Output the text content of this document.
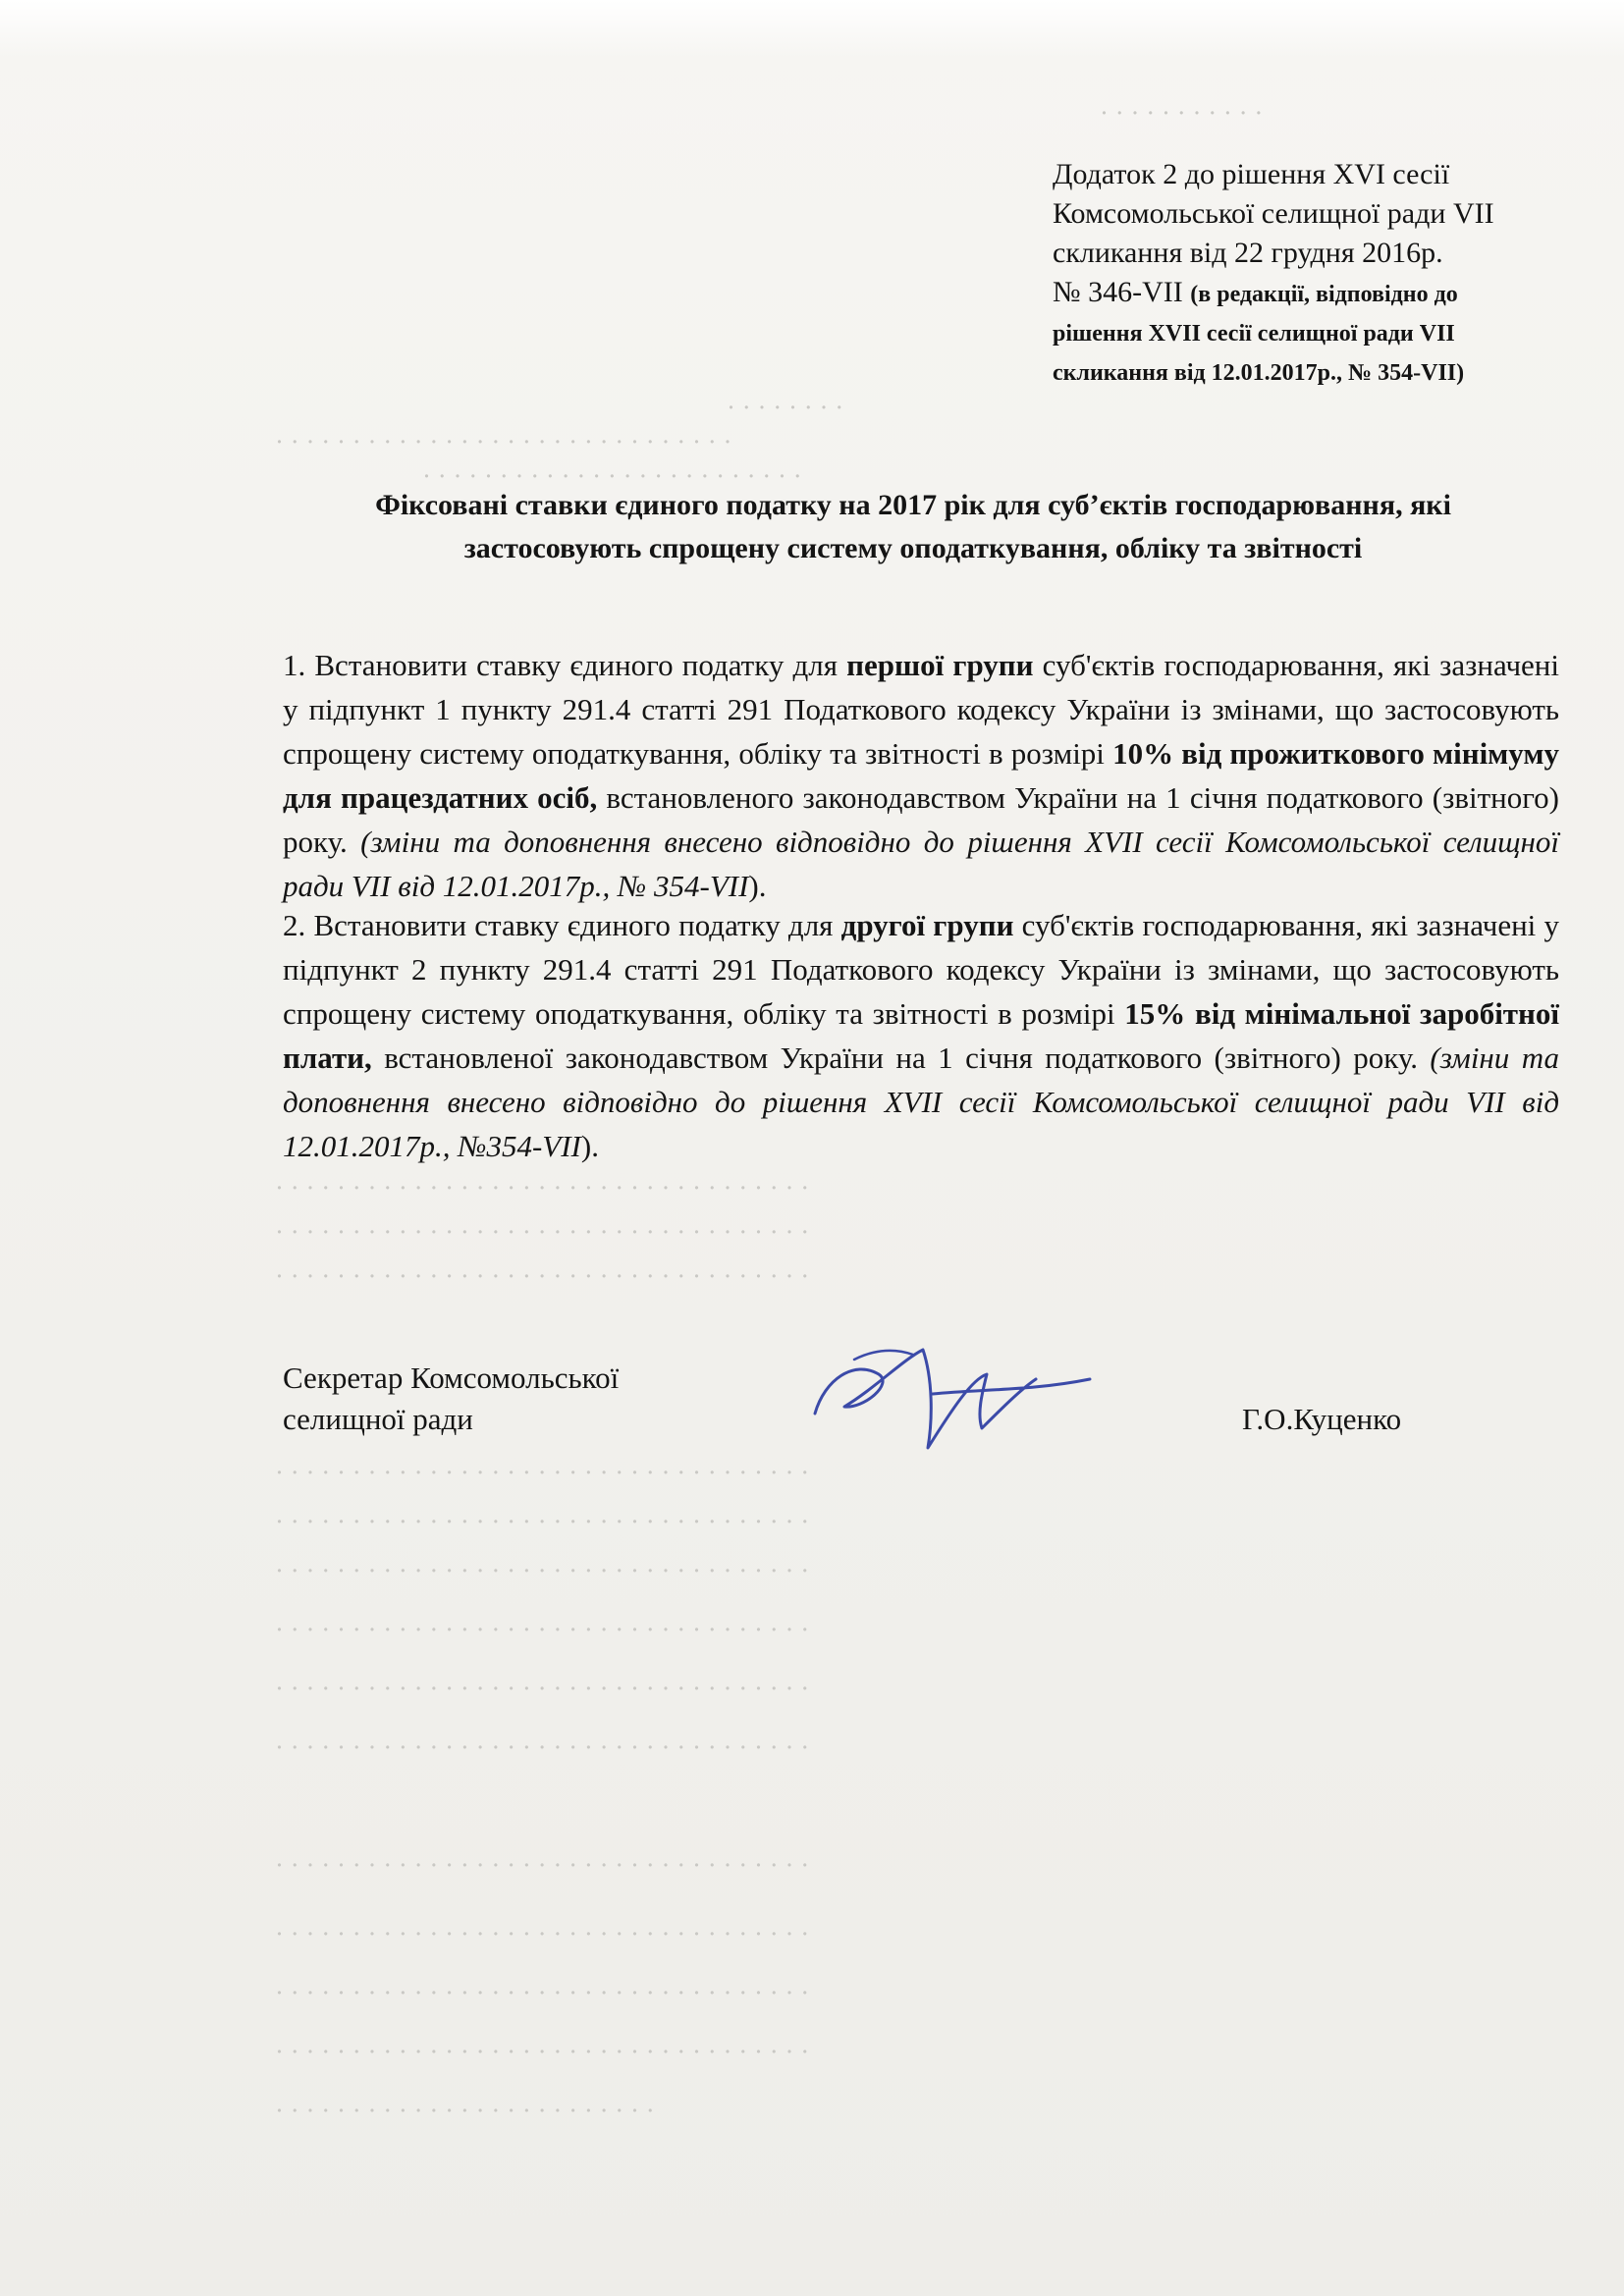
· · · · · · · · · · ·
· · · · · · · ·
· · · · · · · · · · · · · · · · · · · · · · · · · · · · · ·
· · · · · · · · · · · · · · · · · · · · · · · · ·
· · · · · · · · · · · · · · · · · · · · · · · · · · · · · · · · · · ·
· · · · · · · · · · · · · · · · · · · · · · · · · · · · · · · · · · ·
· · · · · · · · · · · · · · · · · · · · · · · · · · · · · · · · · · ·
· · · · · · · · · · · · · · · · · · · · · · · · · · · · · · · · · · ·
· · · · · · · · · · · · · · · · · · · · · · · · · · · · · · · · · · ·
· · · · · · · · · · · · · · · · · · · · · · · · · · · · · · · · · · ·
· · · · · · · · · · · · · · · · · · · · · · · · · · · · · · · · · · ·
· · · · · · · · · · · · · · · · · · · · · · · · · · · · · · · · · · ·
· · · · · · · · · · · · · · · · · · · · · · · · · · · · · · · · · · ·
· · · · · · · · · · · · · · · · · · · · · · · · · · · · · · · · · · ·
· · · · · · · · · · · · · · · · · · · · · · · · · · · · · · · · · · ·
· · · · · · · · · · · · · · · · · · · · · · · · · · · · · · · · · · ·
· · · · · · · · · · · · · · · · · · · · · · · · · · · · · · · · · · ·
· · · · · · · · · · · · · · · · · · · · · · · · ·
Додаток 2 до рішення XVI сесії
Комсомольської селищної ради VII
скликання від 22 грудня 2016р.
№ 346-VII (в редакції, відповідно до
рішення XVII сесії селищної ради VII
скликання від 12.01.2017р., № 354-VII)
Фіксовані ставки єдиного податку на 2017 рік для суб’єктів господарювання, які
застосовують спрощену систему оподаткування, обліку та звітності
1. Встановити ставку єдиного податку для першої групи суб'єктів господарювання, які зазначені у підпункт 1 пункту 291.4 статті 291 Податкового кодексу України із змінами, що застосовують спрощену систему оподаткування, обліку та звітності в розмірі 10% від прожиткового мінімуму для працездатних осіб, встановленого законодавством України на 1 січня податкового (звітного) року. (зміни та доповнення внесено відповідно до рішення XVII сесії Комсомольської селищної ради VII від 12.01.2017р., № 354-VII).
2. Встановити ставку єдиного податку для другої групи суб'єктів господарювання, які зазначені у підпункт 2 пункту 291.4 статті 291 Податкового кодексу України із змінами, що застосовують спрощену систему оподаткування, обліку та звітності в розмірі 15% від мінімальної заробітної плати, встановленої законодавством України на 1 січня податкового (звітного) року. (зміни та доповнення внесено відповідно до рішення XVII сесії Комсомольської селищної ради VII від 12.01.2017р., №354-VII).
Секретар Комсомольської
селищної ради	Г.О.Куценко
